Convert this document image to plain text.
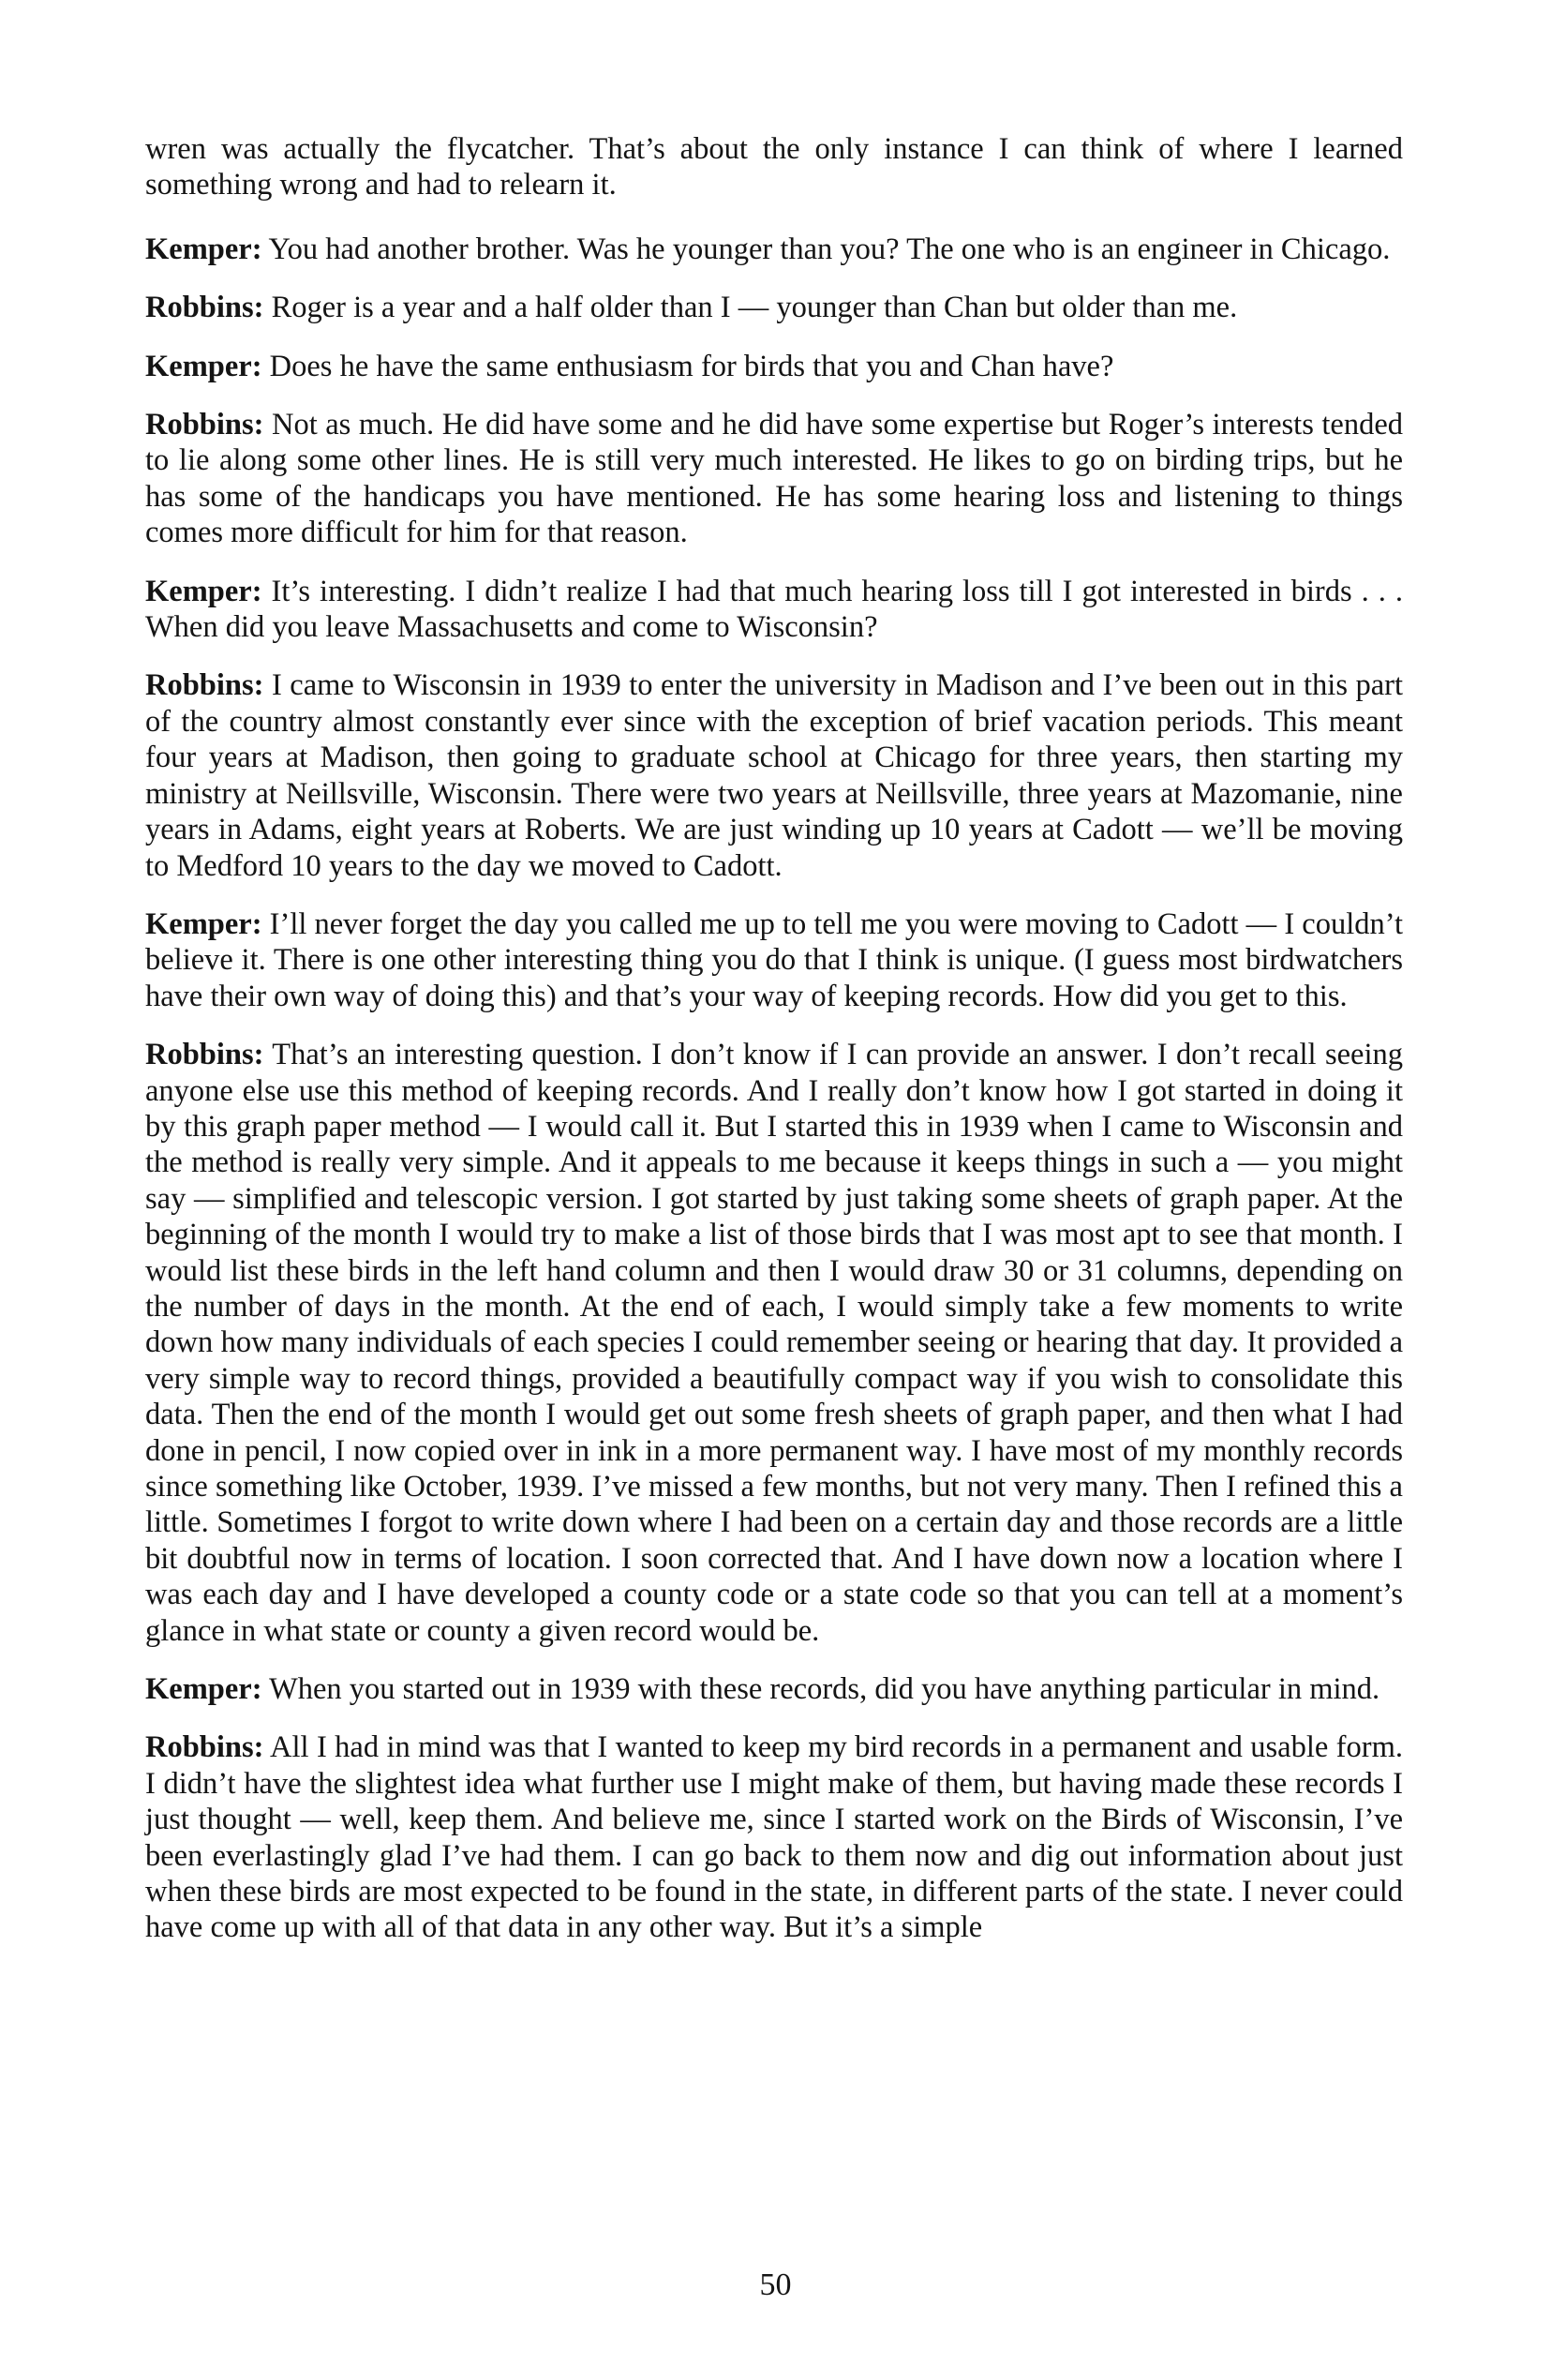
wren was actually the flycatcher. That’s about the only instance I can think of where I learned something wrong and had to relearn it.

Kemper: You had another brother. Was he younger than you? The one who is an engineer in Chicago.

Robbins: Roger is a year and a half older than I — younger than Chan but older than me.

Kemper: Does he have the same enthusiasm for birds that you and Chan have?

Robbins: Not as much. He did have some and he did have some expertise but Roger’s interests tended to lie along some other lines. He is still very much interested. He likes to go on birding trips, but he has some of the handicaps you have mentioned. He has some hearing loss and listening to things comes more difficult for him for that reason.

Kemper: It’s interesting. I didn’t realize I had that much hearing loss till I got interested in birds . . . When did you leave Massachusetts and come to Wisconsin?

Robbins: I came to Wisconsin in 1939 to enter the university in Madison and I’ve been out in this part of the country almost constantly ever since with the exception of brief vacation periods. This meant four years at Madison, then going to graduate school at Chicago for three years, then starting my ministry at Neillsville, Wisconsin. There were two years at Neillsville, three years at Mazomanie, nine years in Adams, eight years at Roberts. We are just winding up 10 years at Cadott — we’ll be moving to Medford 10 years to the day we moved to Cadott.

Kemper: I’ll never forget the day you called me up to tell me you were moving to Cadott — I couldn’t believe it. There is one other interesting thing you do that I think is unique. (I guess most birdwatchers have their own way of doing this) and that’s your way of keeping records. How did you get to this.

Robbins: That’s an interesting question. I don’t know if I can provide an answer. I don’t recall seeing anyone else use this method of keeping records. And I really don’t know how I got started in doing it by this graph paper method — I would call it. But I started this in 1939 when I came to Wisconsin and the method is really very simple. And it appeals to me because it keeps things in such a — you might say — simplified and telescopic version. I got started by just taking some sheets of graph paper. At the beginning of the month I would try to make a list of those birds that I was most apt to see that month. I would list these birds in the left hand column and then I would draw 30 or 31 columns, depending on the number of days in the month. At the end of each, I would simply take a few moments to write down how many individuals of each species I could remember seeing or hearing that day. It provided a very simple way to record things, provided a beautifully compact way if you wish to consolidate this data. Then the end of the month I would get out some fresh sheets of graph paper, and then what I had done in pencil, I now copied over in ink in a more permanent way. I have most of my monthly records since something like October, 1939. I’ve missed a few months, but not very many. Then I refined this a little. Sometimes I forgot to write down where I had been on a certain day and those records are a little bit doubtful now in terms of location. I soon corrected that. And I have down now a location where I was each day and I have developed a county code or a state code so that you can tell at a moment’s glance in what state or county a given record would be.

Kemper: When you started out in 1939 with these records, did you have anything particular in mind.

Robbins: All I had in mind was that I wanted to keep my bird records in a permanent and usable form. I didn’t have the slightest idea what further use I might make of them, but having made these records I just thought — well, keep them. And believe me, since I started work on the Birds of Wisconsin, I’ve been everlastingly glad I’ve had them. I can go back to them now and dig out information about just when these birds are most expected to be found in the state, in different parts of the state. I never could have come up with all of that data in any other way. But it’s a simple

50
